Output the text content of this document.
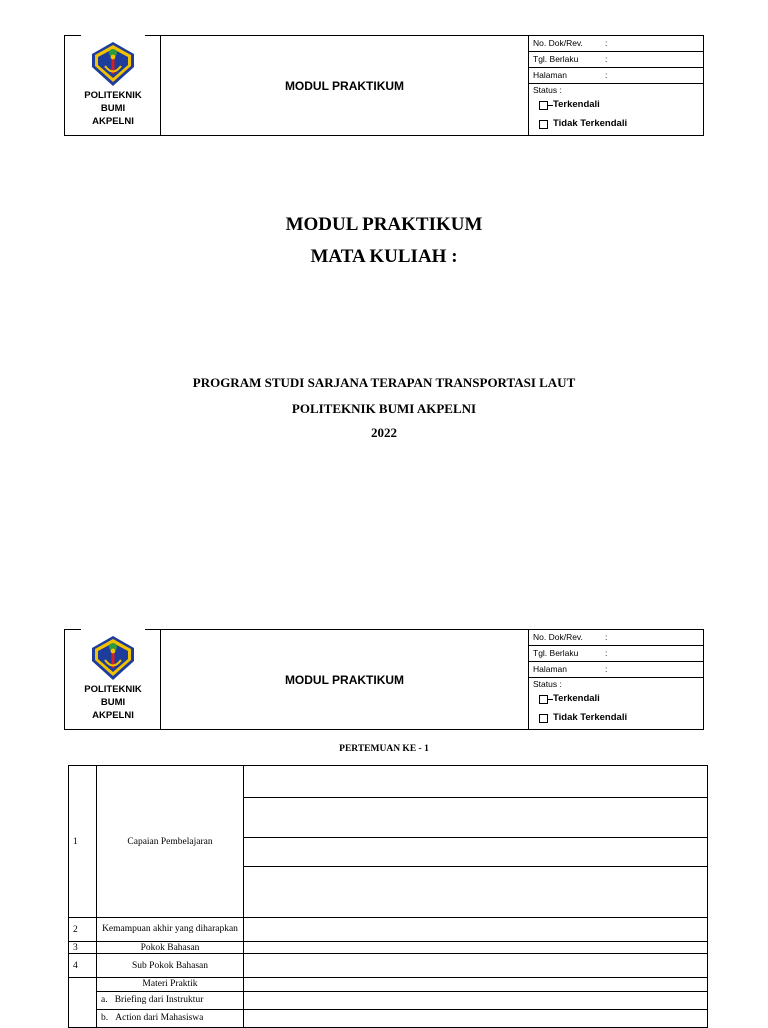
POLITEKNIK
BUMI
AKPELNI
MODUL PRAKTIKUM
No. Dok/Rev.	:
Tgl. Berlaku	:
Halaman	:
Status :
Terkendali
Tidak Terkendali
MODUL PRAKTIKUM
MATA KULIAH :
PROGRAM STUDI SARJANA TERAPAN TRANSPORTASI LAUT
POLITEKNIK BUMI AKPELNI
2022
POLITEKNIK
BUMI
AKPELNI
MODUL PRAKTIKUM
No. Dok/Rev.	:
Tgl. Berlaku	:
Halaman	:
Status :
Terkendali
Tidak Terkendali
PERTEMUAN KE - 1
1	Capaian Pembelajaran	

2	Kemampuan akhir yang diharapkan	
3	Pokok Bahasan	
4	Sub Pokok Bahasan	
	Materi Praktik	
	a. Briefing dari Instruktur	
	b. Action dari Mahasiswa	
